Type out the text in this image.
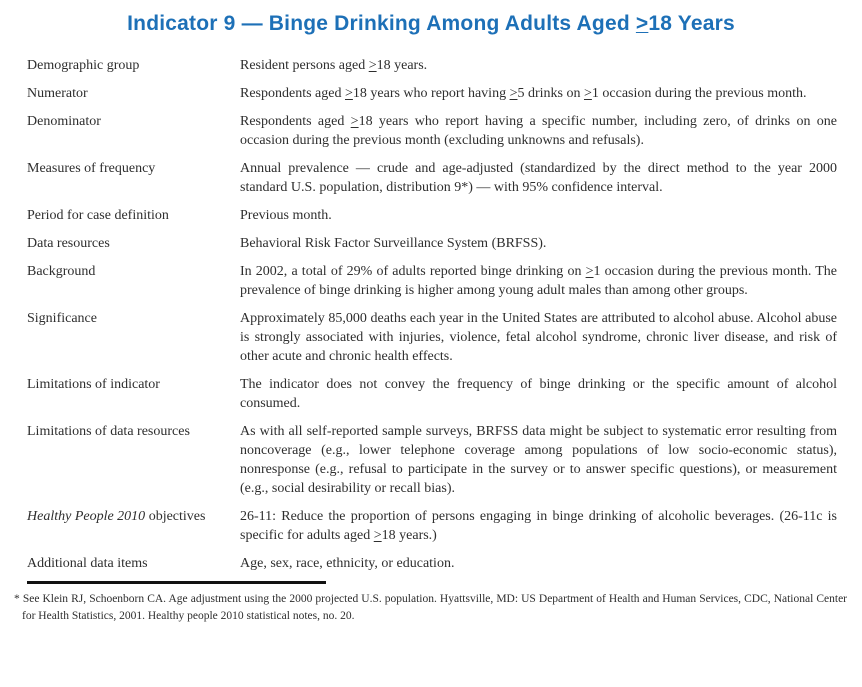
Indicator 9 — Binge Drinking Among Adults Aged >18 Years
Demographic group	Resident persons aged >18 years.
Numerator	Respondents aged >18 years who report having >5 drinks on >1 occasion during the previous month.
Denominator	Respondents aged >18 years who report having a specific number, including zero, of drinks on one occasion during the previous month (excluding unknowns and refusals).
Measures of frequency	Annual prevalence — crude and age-adjusted (standardized by the direct method to the year 2000 standard U.S. population, distribution 9*) — with 95% confidence interval.
Period for case definition	Previous month.
Data resources	Behavioral Risk Factor Surveillance System (BRFSS).
Background	In 2002, a total of 29% of adults reported binge drinking on >1 occasion during the previous month. The prevalence of binge drinking is higher among young adult males than among other groups.
Significance	Approximately 85,000 deaths each year in the United States are attributed to alcohol abuse. Alcohol abuse is strongly associated with injuries, violence, fetal alcohol syndrome, chronic liver disease, and risk of other acute and chronic health effects.
Limitations of indicator	The indicator does not convey the frequency of binge drinking or the specific amount of alcohol consumed.
Limitations of data resources	As with all self-reported sample surveys, BRFSS data might be subject to systematic error resulting from noncoverage (e.g., lower telephone coverage among populations of low socio-economic status), nonresponse (e.g., refusal to participate in the survey or to answer specific questions), or measurement (e.g., social desirability or recall bias).
Healthy People 2010 objectives	26-11: Reduce the proportion of persons engaging in binge drinking of alcoholic beverages. (26-11c is specific for adults aged >18 years.)
Additional data items	Age, sex, race, ethnicity, or education.
* See Klein RJ, Schoenborn CA. Age adjustment using the 2000 projected U.S. population. Hyattsville, MD: US Department of Health and Human Services, CDC, National Center for Health Statistics, 2001. Healthy people 2010 statistical notes, no. 20.
